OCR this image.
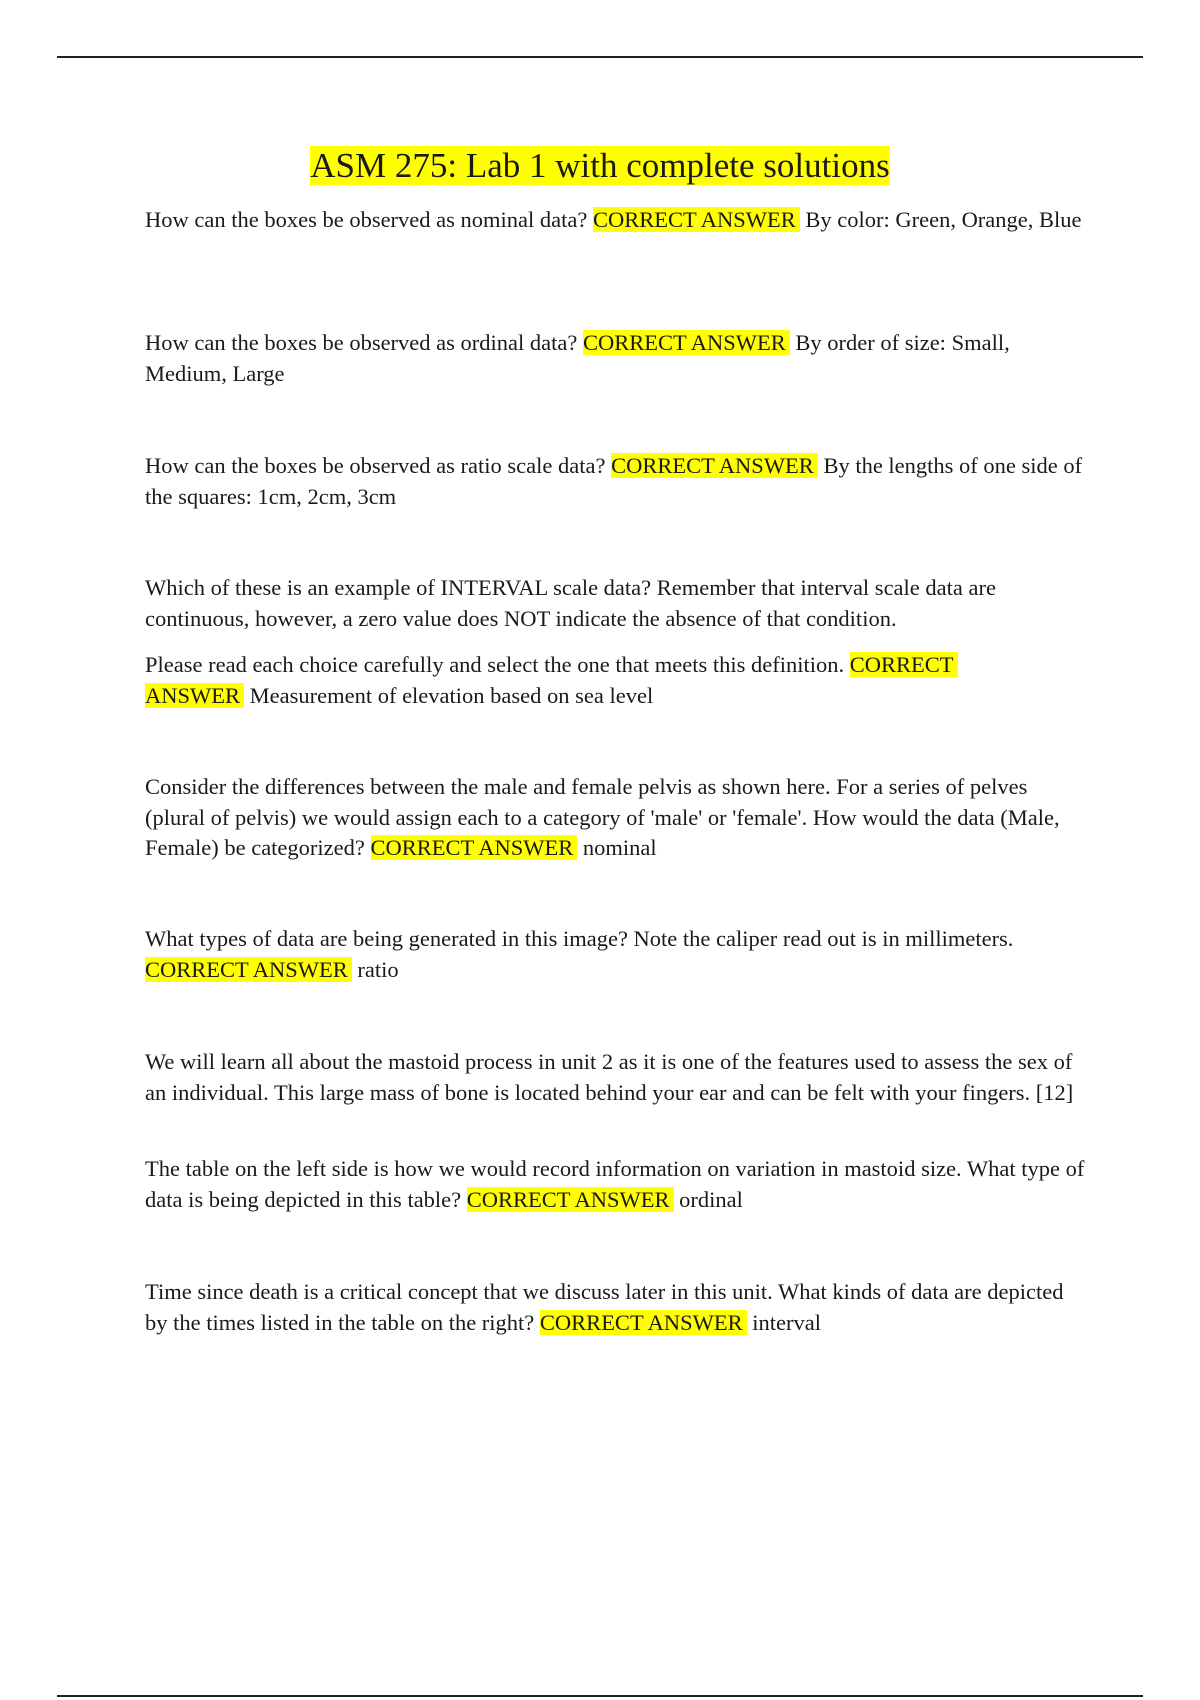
ASM 275: Lab 1 with complete solutions

How can the boxes be observed as nominal data? CORRECT ANSWER By color: Green, Orange, Blue

How can the boxes be observed as ordinal data? CORRECT ANSWER By order of size: Small, Medium, Large

How can the boxes be observed as ratio scale data? CORRECT ANSWER By the lengths of one side of the squares: 1cm, 2cm, 3cm

Which of these is an example of INTERVAL scale data? Remember that interval scale data are continuous, however, a zero value does NOT indicate the absence of that condition.

Please read each choice carefully and select the one that meets this definition. CORRECT
ANSWER Measurement of elevation based on sea level

Consider the differences between the male and female pelvis as shown here. For a series of pelves (plural of pelvis) we would assign each to a category of 'male' or 'female'. How would the data (Male, Female) be categorized? CORRECT ANSWER nominal

What types of data are being generated in this image? Note the caliper read out is in millimeters. CORRECT ANSWER ratio

We will learn all about the mastoid process in unit 2 as it is one of the features used to assess the sex of an individual. This large mass of bone is located behind your ear and can be felt with your fingers. [12]

The table on the left side is how we would record information on variation in mastoid size. What type of data is being depicted in this table? CORRECT ANSWER ordinal

Time since death is a critical concept that we discuss later in this unit. What kinds of data are depicted by the times listed in the table on the right? CORRECT ANSWER interval
